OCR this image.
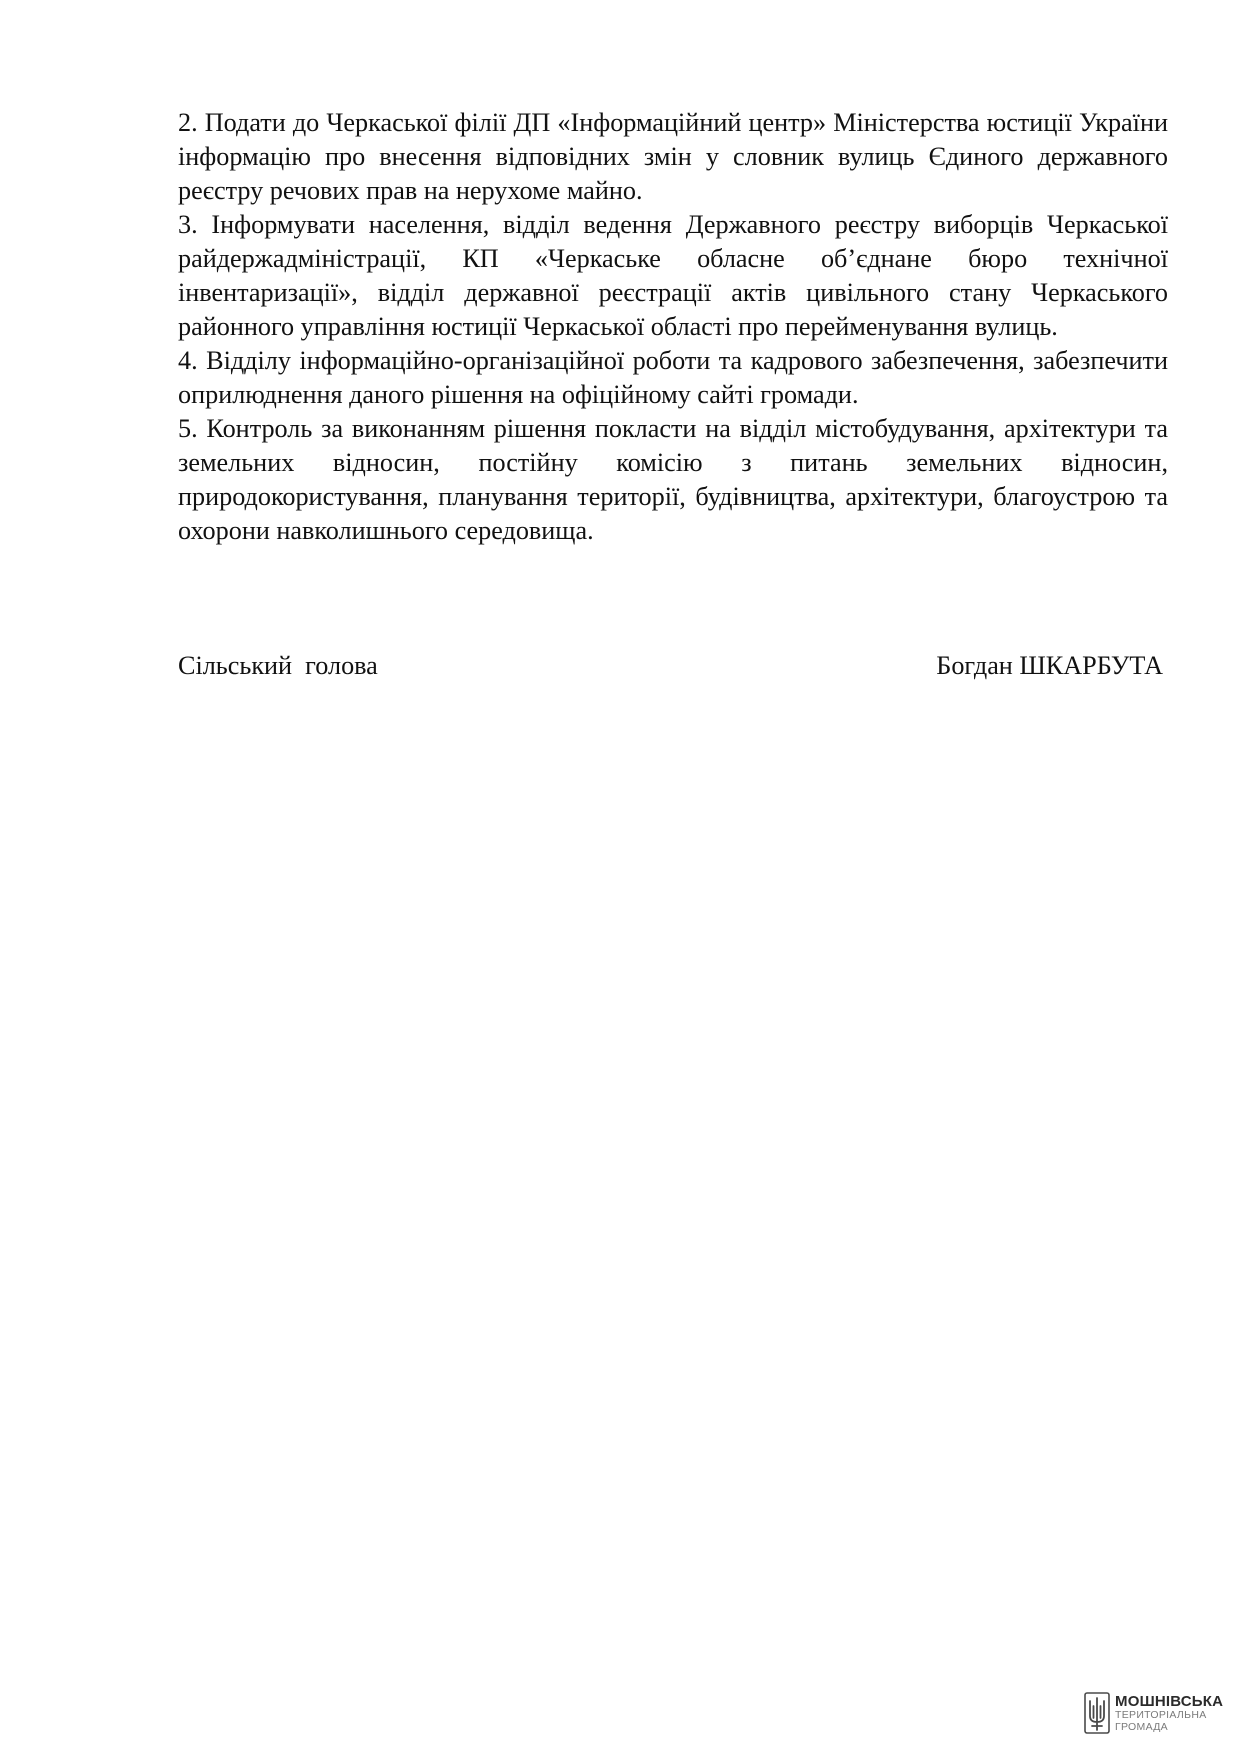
2. Подати до Черкаської філії ДП «Інформаційний центр» Міністерства юстиції України інформацію про внесення відповідних змін у словник вулиць Єдиного державного реєстру речових прав на нерухоме майно.

3. Інформувати населення, відділ ведення Державного реєстру виборців Черкаської райдержадміністрації, КП «Черкаське обласне об’єднане бюро технічної інвентаризації», відділ державної реєстрації актів цивільного стану Черкаського районного управління юстиції Черкаської області про перейменування вулиць.

4. Відділу інформаційно-організаційної роботи та кадрового забезпечення, забезпечити оприлюднення даного рішення на офіційному сайті громади.

5. Контроль за виконанням рішення покласти на відділ містобудування, архітектури та земельних відносин, постійну комісію з питань земельних відносин, природокористування, планування території, будівництва, архітектури, благоустрою та охорони навколишнього середовища.

Сільський  голова	Богдан ШКАРБУТА
МОШНІВСЬКА
ТЕРИТОРІАЛЬНА
ГРОМАДА
